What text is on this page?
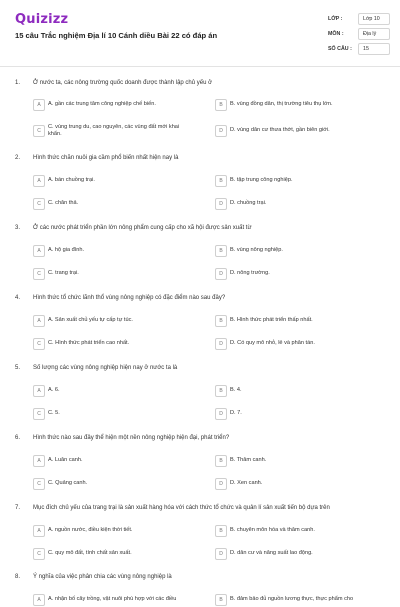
Quizizz
15 câu Trắc nghiệm Địa lí 10 Cánh diều Bài 22 có đáp án
LỚP :	Lớp 10
MÔN :	Địa lý
SỐ CÂU :	15
1. Ở nước ta, các nông trường quốc doanh được thành lập chủ yếu ở
A	A. gần các trung tâm công nghiệp chế biến.	B	B. vùng đồng dân, thị trường tiêu thụ lớn.
C
C. vùng trung du, cao nguyên, các vùng đất mới khai khẩn.
D	D. vùng dân cư thưa thớt, gần biên giới.
2. Hình thức chăn nuôi gia cầm phổ biến nhất hiện nay là
A	A. bán chuồng trại.	B	B. tập trung công nghiệp.
C	C. chăn thả.	D	D. chuồng trại.
3. Ở các nước phát triển phần lớn nông phẩm cung cấp cho xã hội được sản xuất từ
A	A. hộ gia đình.	B	B. vùng nông nghiệp.
C	C. trang trại.	D	D. nông trường.
4. Hình thức tổ chức lãnh thổ vùng nông nghiệp có đặc điểm nào sau đây?
A	A. Sản xuất chủ yếu tự cấp tự túc.	B	B. Hình thức phát triển thấp nhất.
C	C. Hình thức phát triển cao nhất.	D	D. Có quy mô nhỏ, lẻ và phân tán.
5. Số lượng các vùng nông nghiệp hiện nay ở nước ta là
A	A. 6.	B	B. 4.
C	C. 5.	D	D. 7.
6. Hình thức nào sau đây thể hiện một nền nông nghiệp hiện đại, phát triển?
A	A. Luân canh.	B	B. Thâm canh.
C	C. Quảng canh.	D	D. Xen canh.
7. Mục đích chủ yếu của trang trại là sản xuất hàng hóa với cách thức tổ chức và quản lí sản xuất tiến bộ dựa trên
A	A. nguồn nước, điều kiện thời tiết.	B	B. chuyên môn hóa và thâm canh.
C	C. quy mô đất, tính chất sản xuất.	D	D. dân cư và năng suất lao động.
8. Ý nghĩa của việc phân chia các vùng nông nghiệp là
A	A. nhận bố cây trồng, vật nuôi phù hợp với các điều	B	B. đảm bảo đủ nguồn lương thực, thực phẩm cho
